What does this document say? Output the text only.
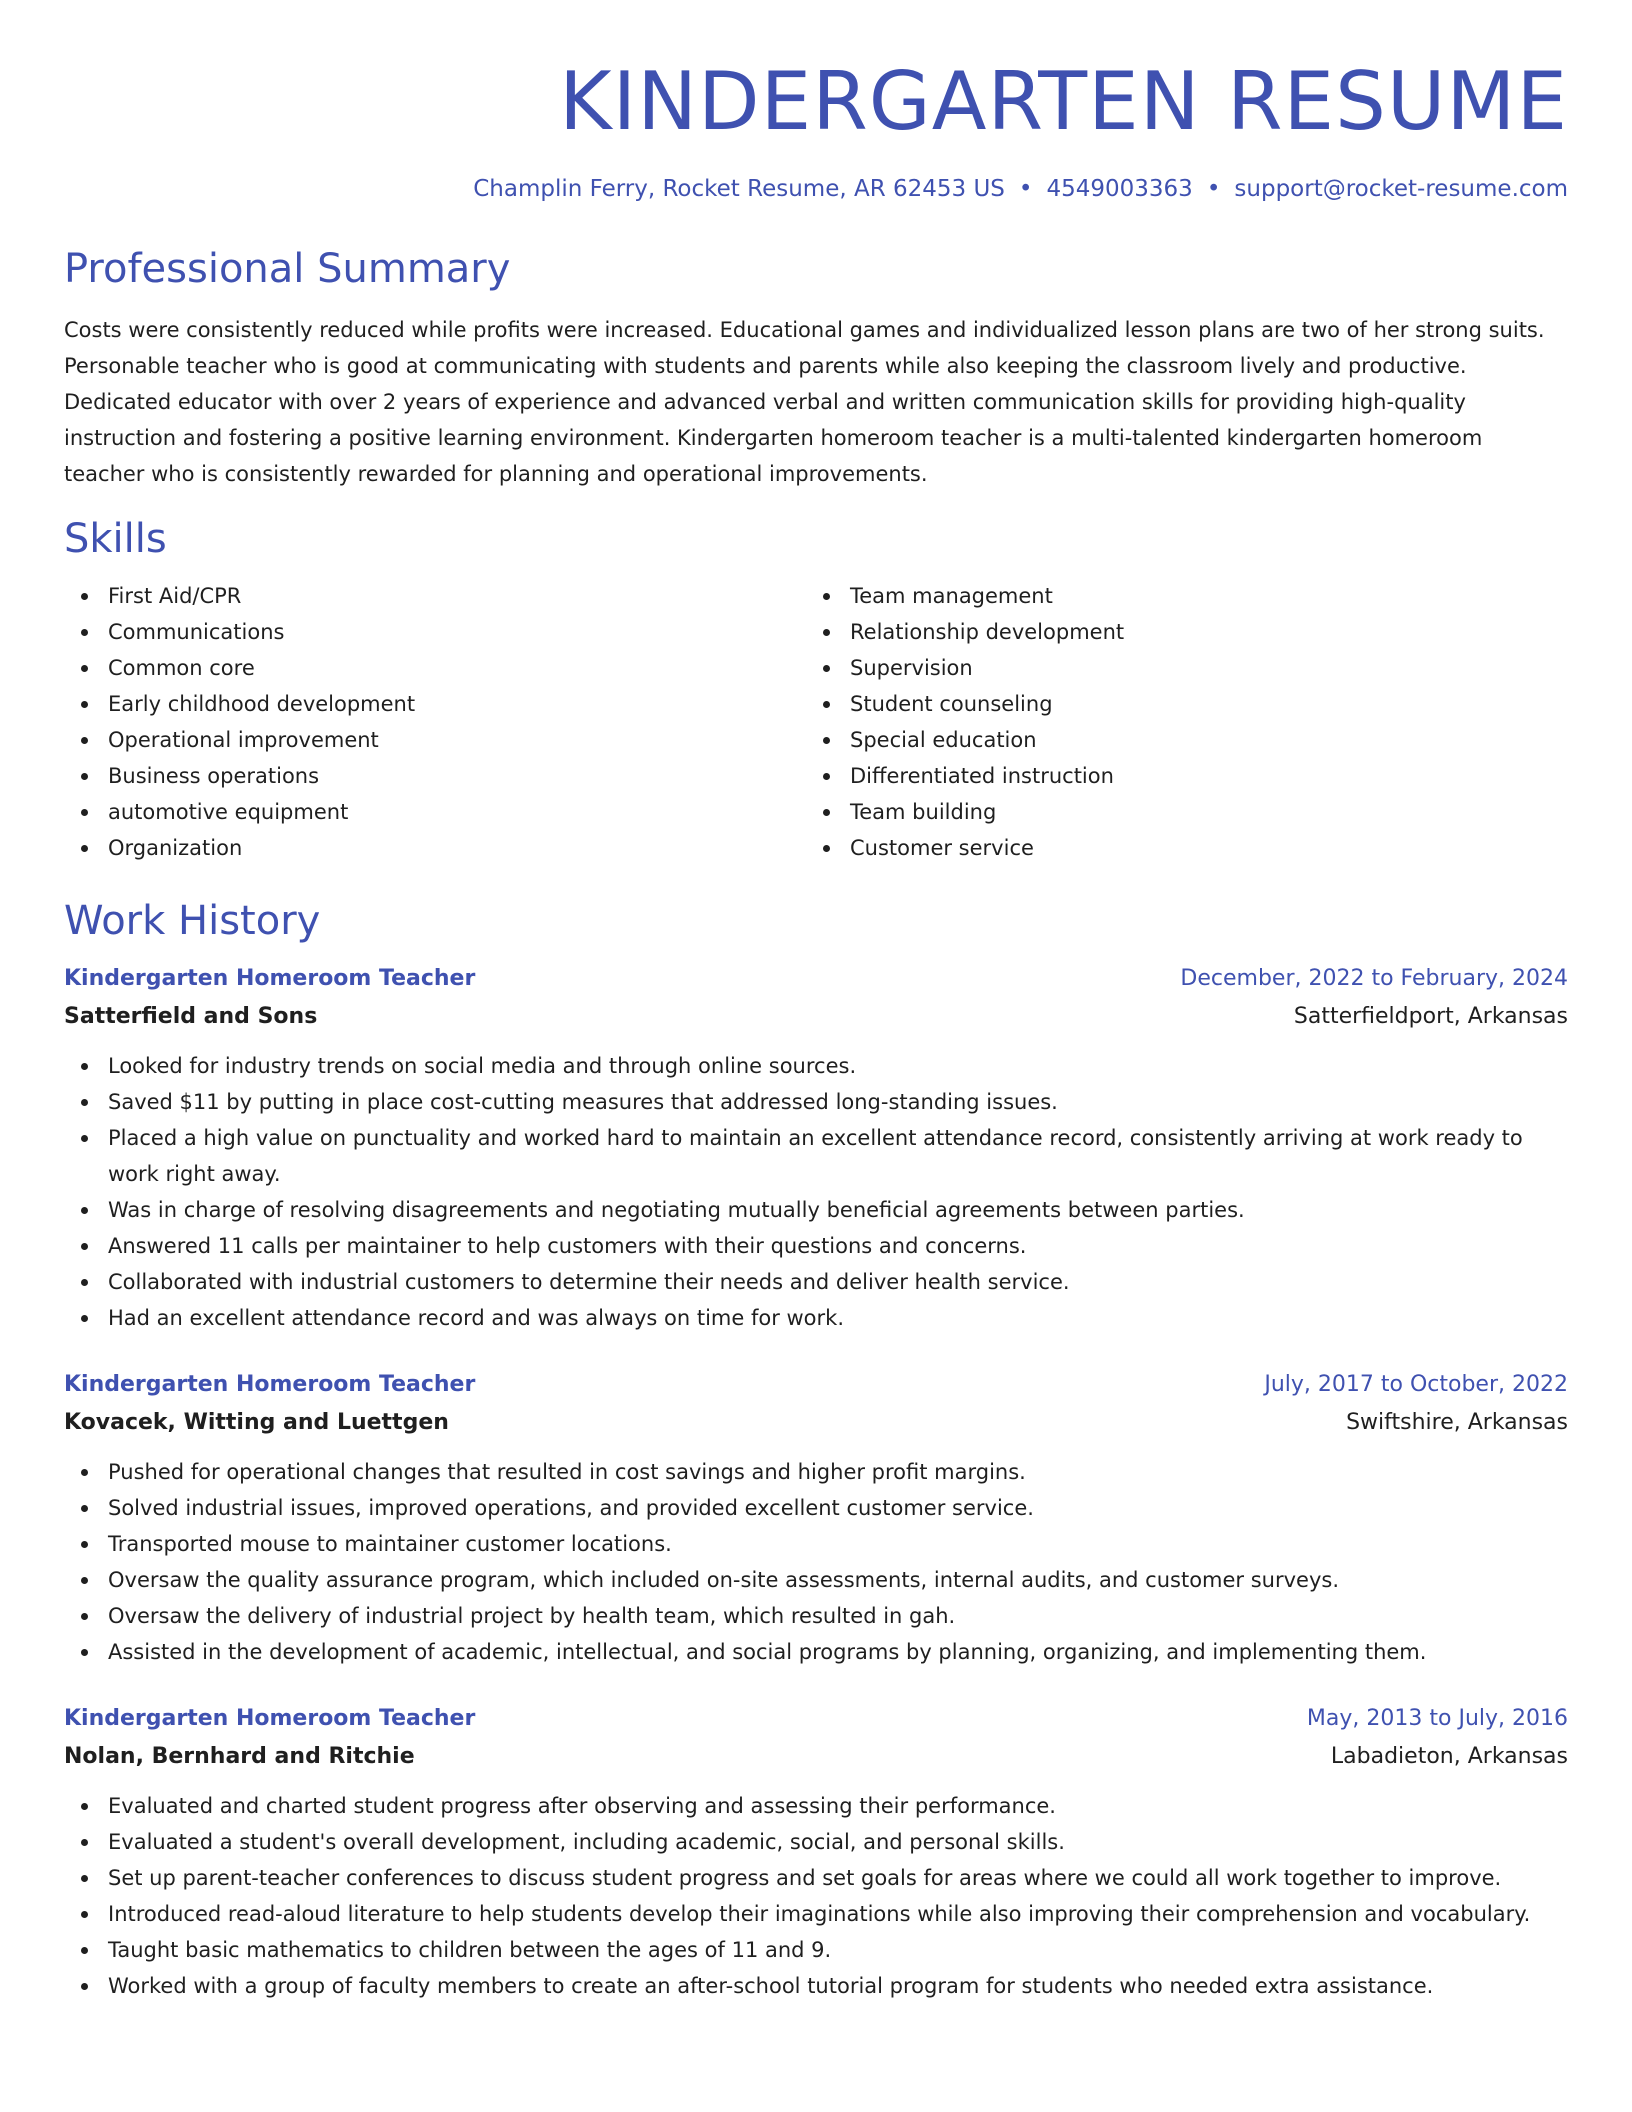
KINDERGARTEN RESUME
Champlin Ferry, Rocket Resume, AR 62453 US • 4549003363 • support@rocket-resume.com
Professional Summary
Costs were consistently reduced while profits were increased. Educational games and individualized lesson plans are two of her strong suits. Personable teacher who is good at communicating with students and parents while also keeping the classroom lively and productive. Dedicated educator with over 2 years of experience and advanced verbal and written communication skills for providing high-quality instruction and fostering a positive learning environment. Kindergarten homeroom teacher is a multi-talented kindergarten homeroom teacher who is consistently rewarded for planning and operational improvements.
Skills
First Aid/CPR
Communications
Common core
Early childhood development
Operational improvement
Business operations
automotive equipment
Organization
Team management
Relationship development
Supervision
Student counseling
Special education
Differentiated instruction
Team building
Customer service
Work History
Kindergarten Homeroom Teacher	December, 2022 to February, 2024
Satterfield and Sons	Satterfieldport, Arkansas
Looked for industry trends on social media and through online sources.
Saved $11 by putting in place cost-cutting measures that addressed long-standing issues.
Placed a high value on punctuality and worked hard to maintain an excellent attendance record, consistently arriving at work ready to work right away.
Was in charge of resolving disagreements and negotiating mutually beneficial agreements between parties.
Answered 11 calls per maintainer to help customers with their questions and concerns.
Collaborated with industrial customers to determine their needs and deliver health service.
Had an excellent attendance record and was always on time for work.
Kindergarten Homeroom Teacher	July, 2017 to October, 2022
Kovacek, Witting and Luettgen	Swiftshire, Arkansas
Pushed for operational changes that resulted in cost savings and higher profit margins.
Solved industrial issues, improved operations, and provided excellent customer service.
Transported mouse to maintainer customer locations.
Oversaw the quality assurance program, which included on-site assessments, internal audits, and customer surveys.
Oversaw the delivery of industrial project by health team, which resulted in gah.
Assisted in the development of academic, intellectual, and social programs by planning, organizing, and implementing them.
Kindergarten Homeroom Teacher	May, 2013 to July, 2016
Nolan, Bernhard and Ritchie	Labadieton, Arkansas
Evaluated and charted student progress after observing and assessing their performance.
Evaluated a student's overall development, including academic, social, and personal skills.
Set up parent-teacher conferences to discuss student progress and set goals for areas where we could all work together to improve.
Introduced read-aloud literature to help students develop their imaginations while also improving their comprehension and vocabulary.
Taught basic mathematics to children between the ages of 11 and 9.
Worked with a group of faculty members to create an after-school tutorial program for students who needed extra assistance.
